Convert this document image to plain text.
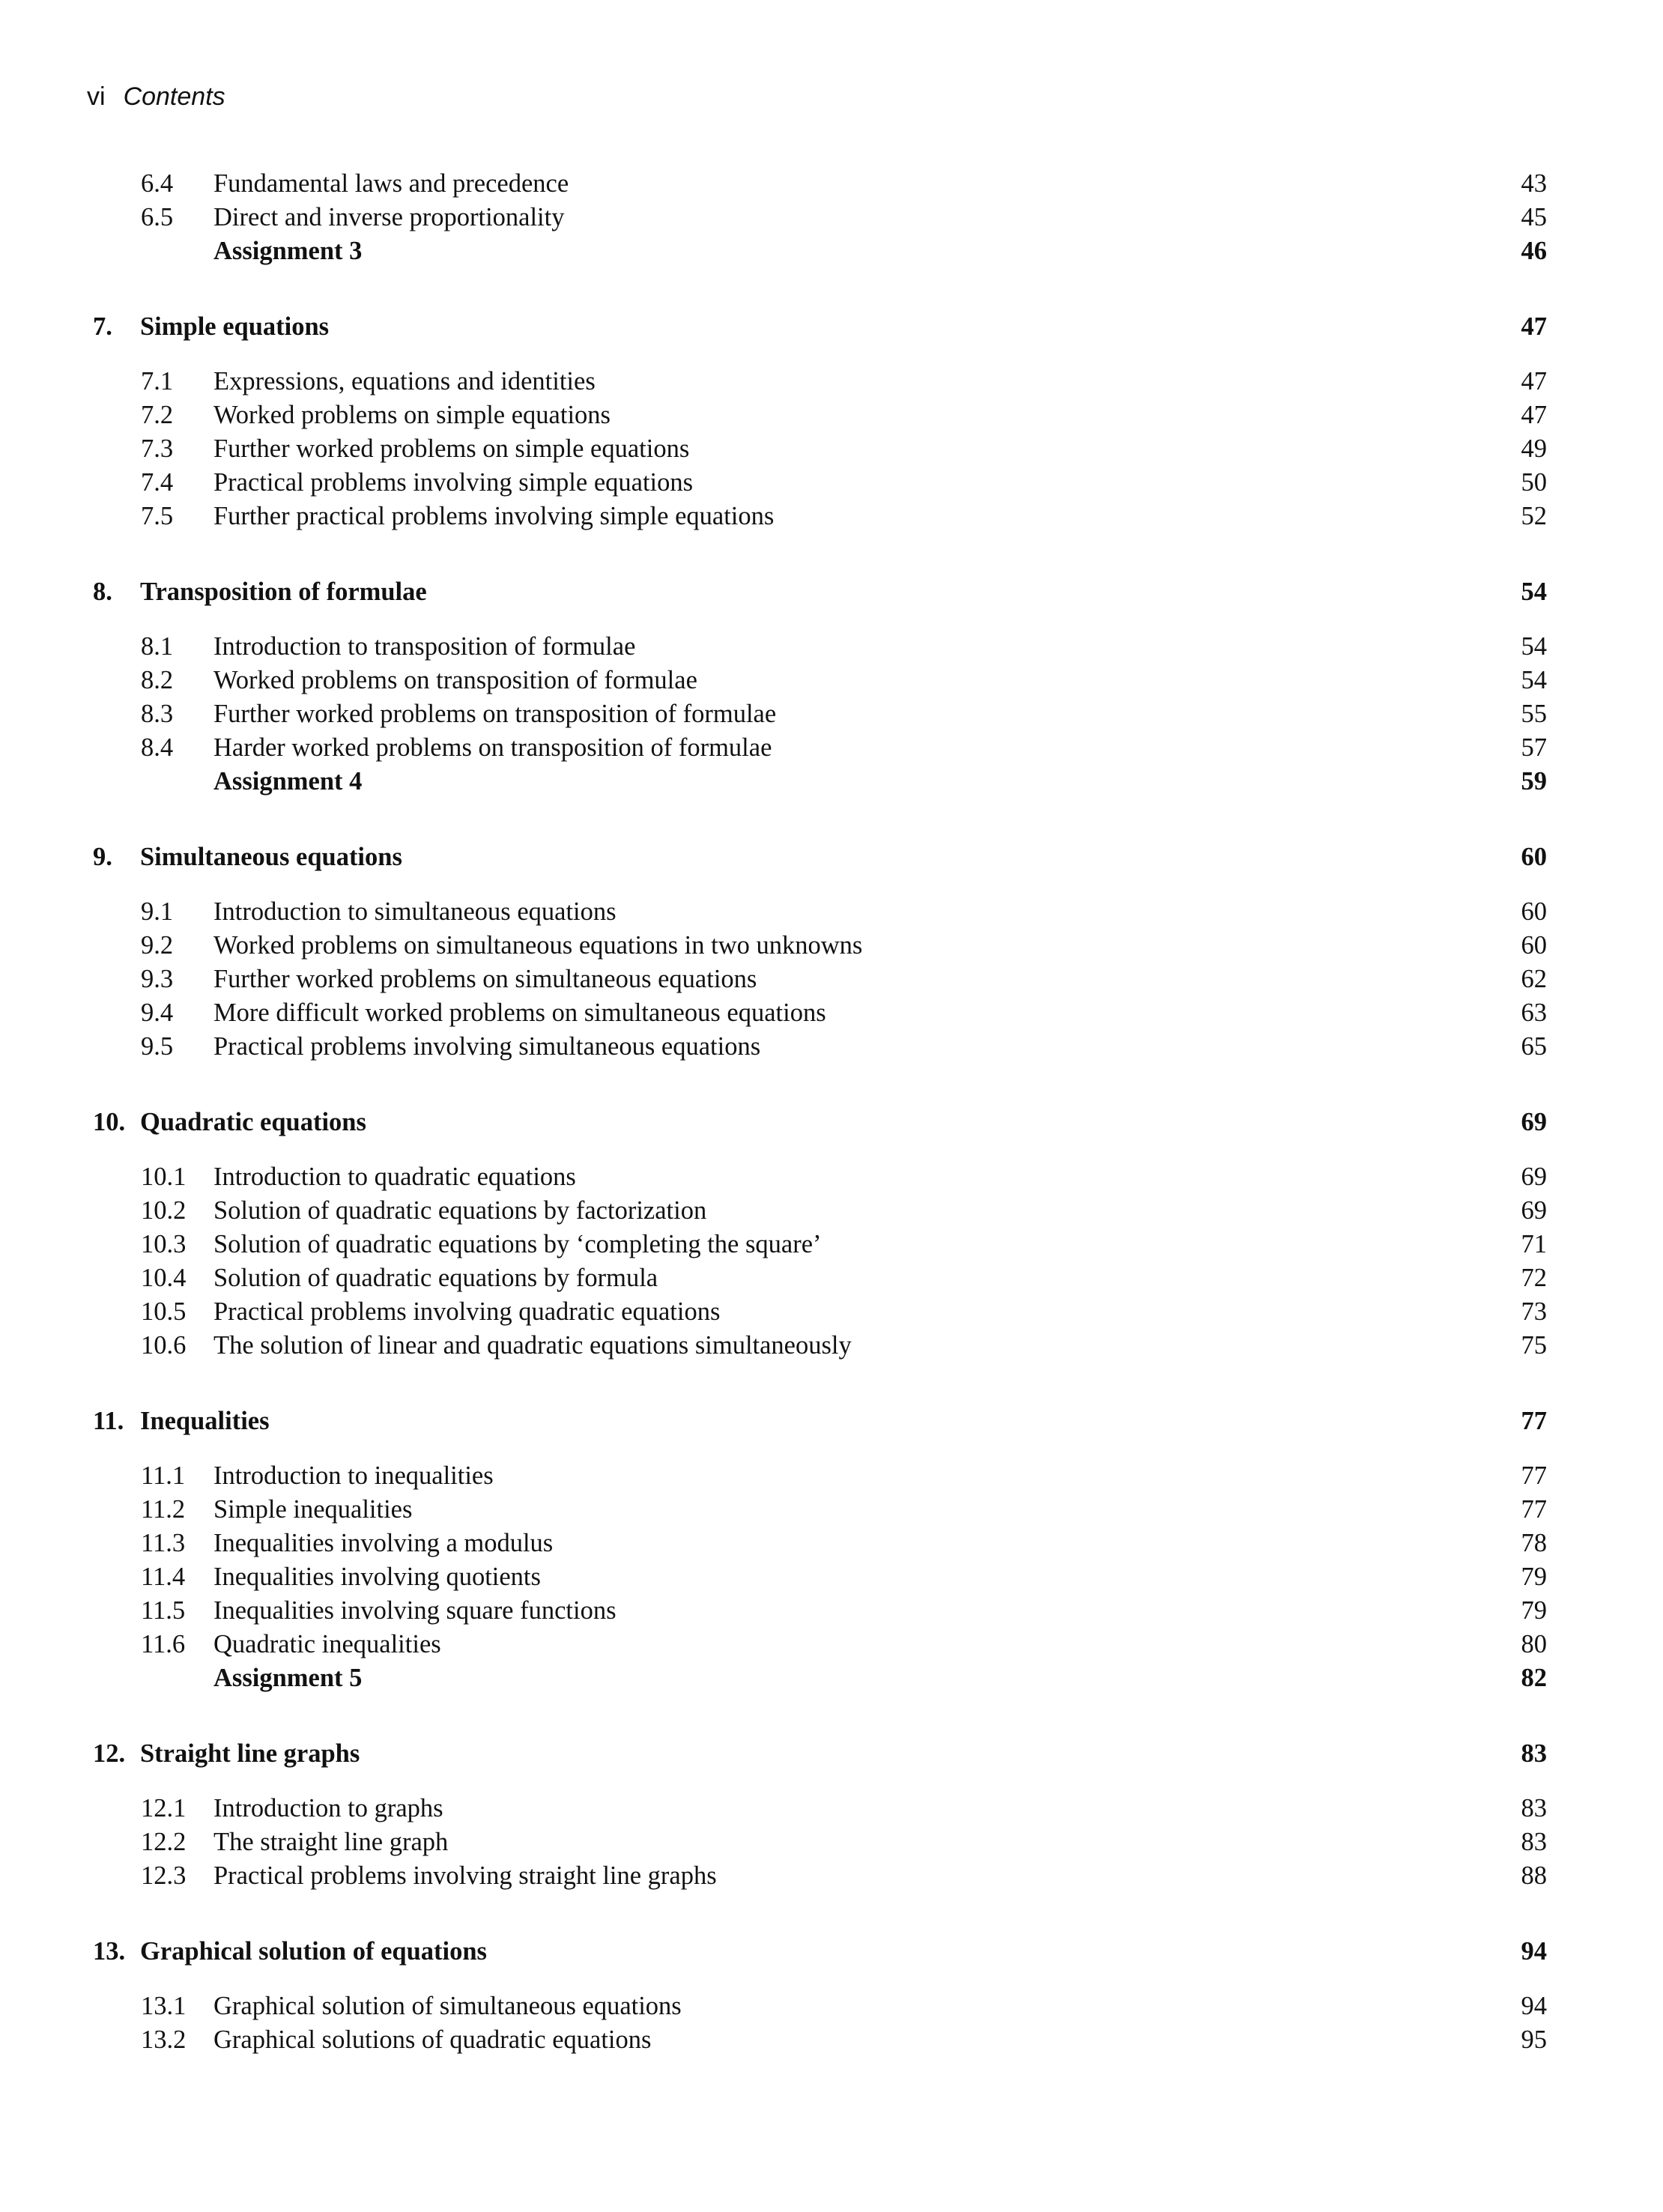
vi Contents
6.4 Fundamental laws and precedence	43
6.5 Direct and inverse proportionality	45
Assignment 3	46
7. Simple equations	47
7.1 Expressions, equations and identities	47
7.2 Worked problems on simple equations	47
7.3 Further worked problems on simple equations	49
7.4 Practical problems involving simple equations	50
7.5 Further practical problems involving simple equations	52
8. Transposition of formulae	54
8.1 Introduction to transposition of formulae	54
8.2 Worked problems on transposition of formulae	54
8.3 Further worked problems on transposition of formulae	55
8.4 Harder worked problems on transposition of formulae	57
Assignment 4	59
9. Simultaneous equations	60
9.1 Introduction to simultaneous equations	60
9.2 Worked problems on simultaneous equations in two unknowns	60
9.3 Further worked problems on simultaneous equations	62
9.4 More difficult worked problems on simultaneous equations	63
9.5 Practical problems involving simultaneous equations	65
10. Quadratic equations	69
10.1 Introduction to quadratic equations	69
10.2 Solution of quadratic equations by factorization	69
10.3 Solution of quadratic equations by ‘completing the square’	71
10.4 Solution of quadratic equations by formula	72
10.5 Practical problems involving quadratic equations	73
10.6 The solution of linear and quadratic equations simultaneously	75
11. Inequalities	77
11.1 Introduction to inequalities	77
11.2 Simple inequalities	77
11.3 Inequalities involving a modulus	78
11.4 Inequalities involving quotients	79
11.5 Inequalities involving square functions	79
11.6 Quadratic inequalities	80
Assignment 5	82
12. Straight line graphs	83
12.1 Introduction to graphs	83
12.2 The straight line graph	83
12.3 Practical problems involving straight line graphs	88
13. Graphical solution of equations	94
13.1 Graphical solution of simultaneous equations	94
13.2 Graphical solutions of quadratic equations	95
